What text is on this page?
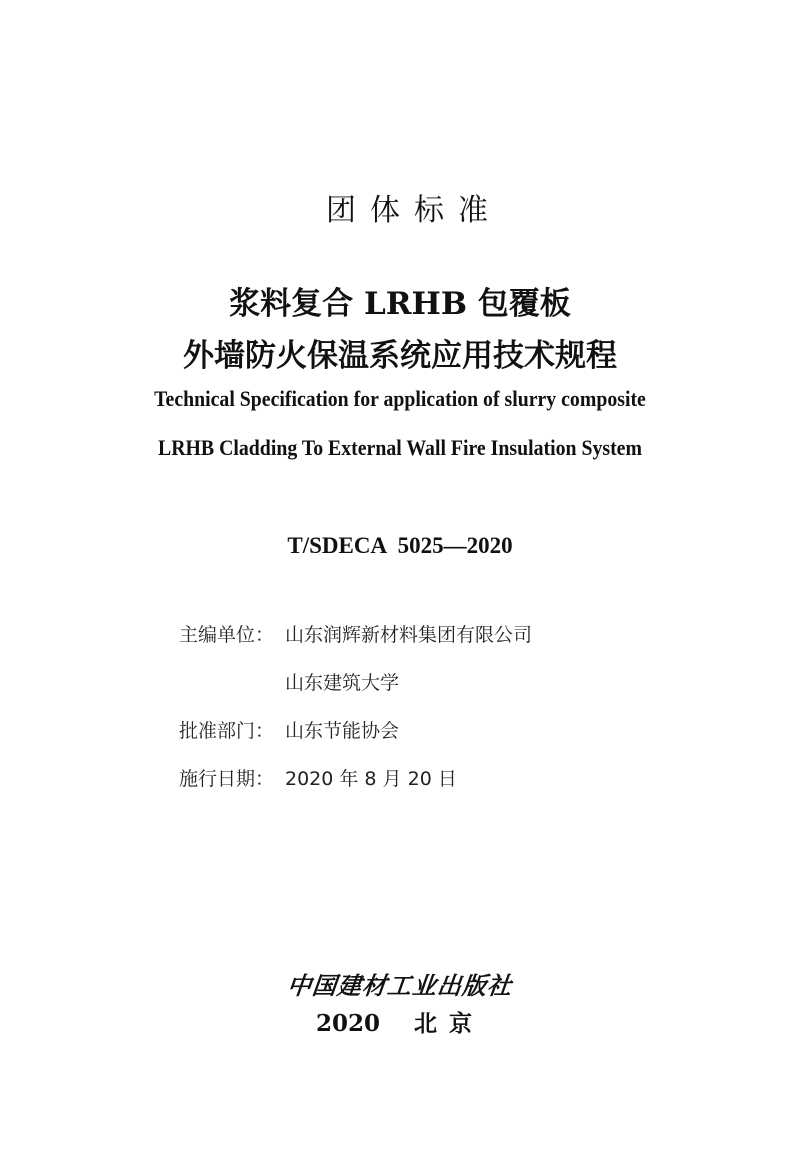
团体标准
浆料复合 LRHB 包覆板
外墙防火保温系统应用技术规程
Technical Specification for application of slurry composite
LRHB Cladding To External Wall Fire Insulation System
T/SDECA 5025—2020
主编单位： 山东润辉新材料集团有限公司
山东建筑大学
批准部门： 山东节能协会
施行日期： 2020 年 8 月 20 日
中国建材工业出版社
2020 北京
